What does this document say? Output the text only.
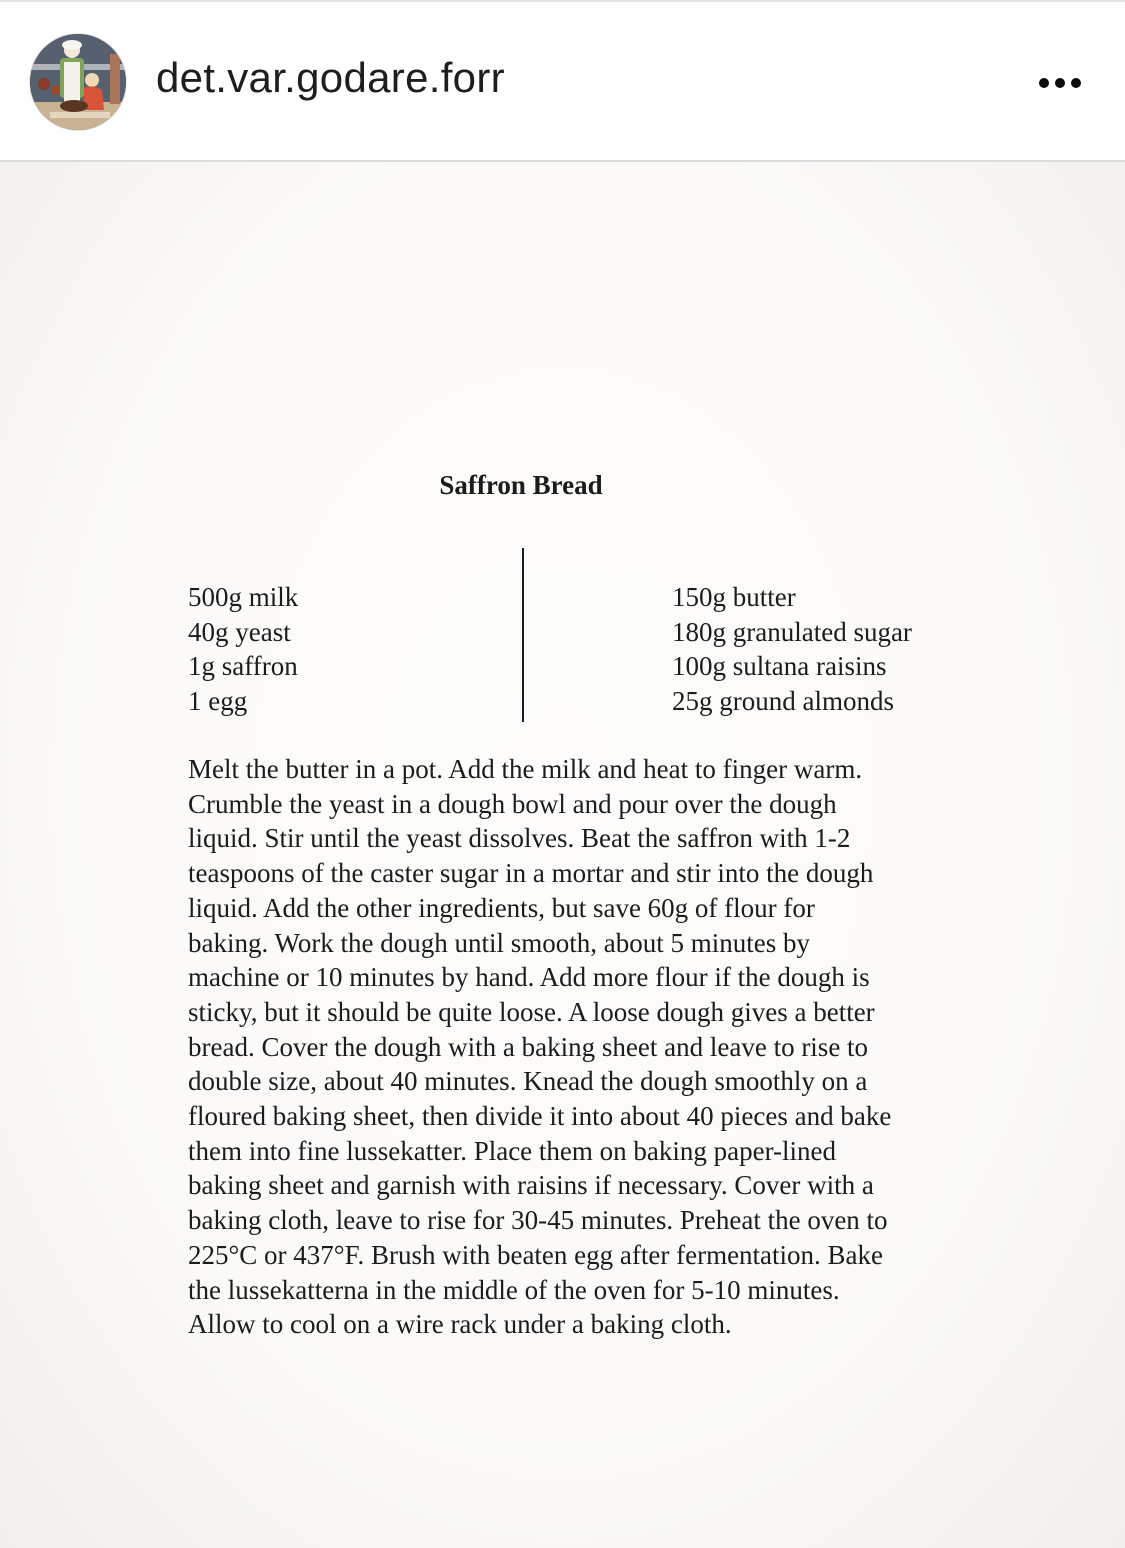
det.var.godare.forr
Saffron Bread
500g milk
40g yeast
1g saffron
1 egg
150g butter
180g granulated sugar
100g sultana raisins
25g ground almonds
Melt the butter in a pot. Add the milk and heat to finger warm.
Crumble the yeast in a dough bowl and pour over the dough
liquid. Stir until the yeast dissolves. Beat the saffron with 1-2
teaspoons of the caster sugar in a mortar and stir into the dough
liquid. Add the other ingredients, but save 60g of flour for
baking. Work the dough until smooth, about 5 minutes by
machine or 10 minutes by hand. Add more flour if the dough is
sticky, but it should be quite loose. A loose dough gives a better
bread. Cover the dough with a baking sheet and leave to rise to
double size, about 40 minutes. Knead the dough smoothly on a
floured baking sheet, then divide it into about 40 pieces and bake
them into fine lussekatter. Place them on baking paper-lined
baking sheet and garnish with raisins if necessary. Cover with a
baking cloth, leave to rise for 30-45 minutes. Preheat the oven to
225°C or 437°F. Brush with beaten egg after fermentation. Bake
the lussekatterna in the middle of the oven for 5-10 minutes.
Allow to cool on a wire rack under a baking cloth.
